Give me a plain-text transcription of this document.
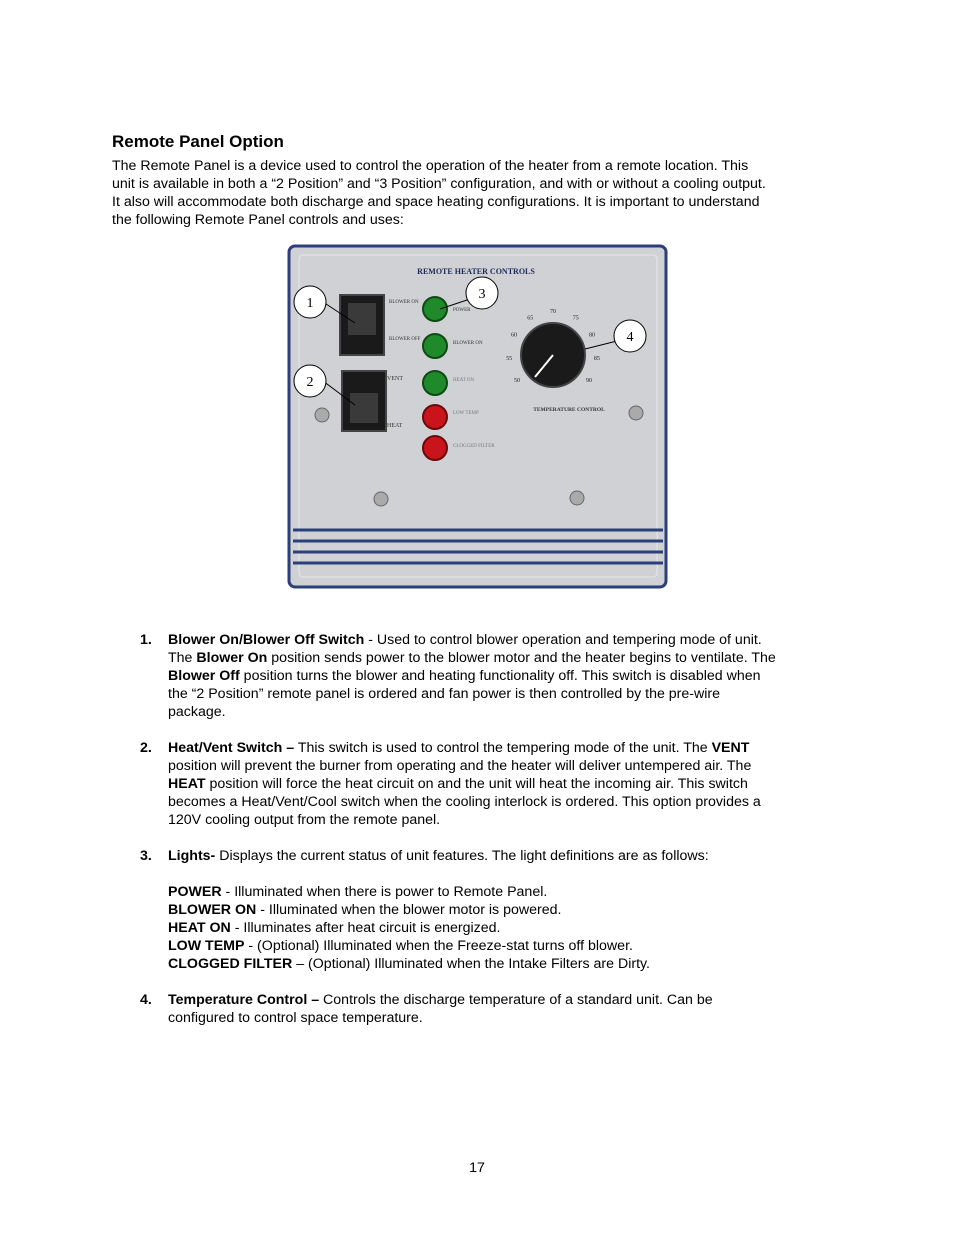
Remote Panel Option

The Remote Panel is a device used to control the operation of the heater from a remote location. This
unit is available in both a “2 Position” and “3 Position” configuration, and with or without a cooling output.
It also will accommodate both discharge and space heating configurations. It is important to understand
the following Remote Panel controls and uses:

REMOTE HEATER CONTROLS
BLOWER ON
BLOWER OFF
VENT
HEAT
POWER
BLOWER ON
HEAT ON
LOW TEMP
CLOGGED FILTER
50
55
60
65
70
75
80
85
90
TEMPERATURE CONTROL
1
2
3
4
1. Blower On/Blower Off Switch - Used to control blower operation and tempering mode of unit.
The Blower On position sends power to the blower motor and the heater begins to ventilate. The
Blower Off position turns the blower and heating functionality off. This switch is disabled when
the “2 Position” remote panel is ordered and fan power is then controlled by the pre-wire
package.
2. Heat/Vent Switch – This switch is used to control the tempering mode of the unit. The VENT
position will prevent the burner from operating and the heater will deliver untempered air. The
HEAT position will force the heat circuit on and the unit will heat the incoming air. This switch
becomes a Heat/Vent/Cool switch when the cooling interlock is ordered. This option provides a
120V cooling output from the remote panel.
3. Lights- Displays the current status of unit features. The light definitions are as follows:
POWER - Illuminated when there is power to Remote Panel.
BLOWER ON - Illuminated when the blower motor is powered.
HEAT ON - Illuminates after heat circuit is energized.
LOW TEMP - (Optional) Illuminated when the Freeze-stat turns off blower.
CLOGGED FILTER – (Optional) Illuminated when the Intake Filters are Dirty.
4. Temperature Control – Controls the discharge temperature of a standard unit. Can be
configured to control space temperature.
17
